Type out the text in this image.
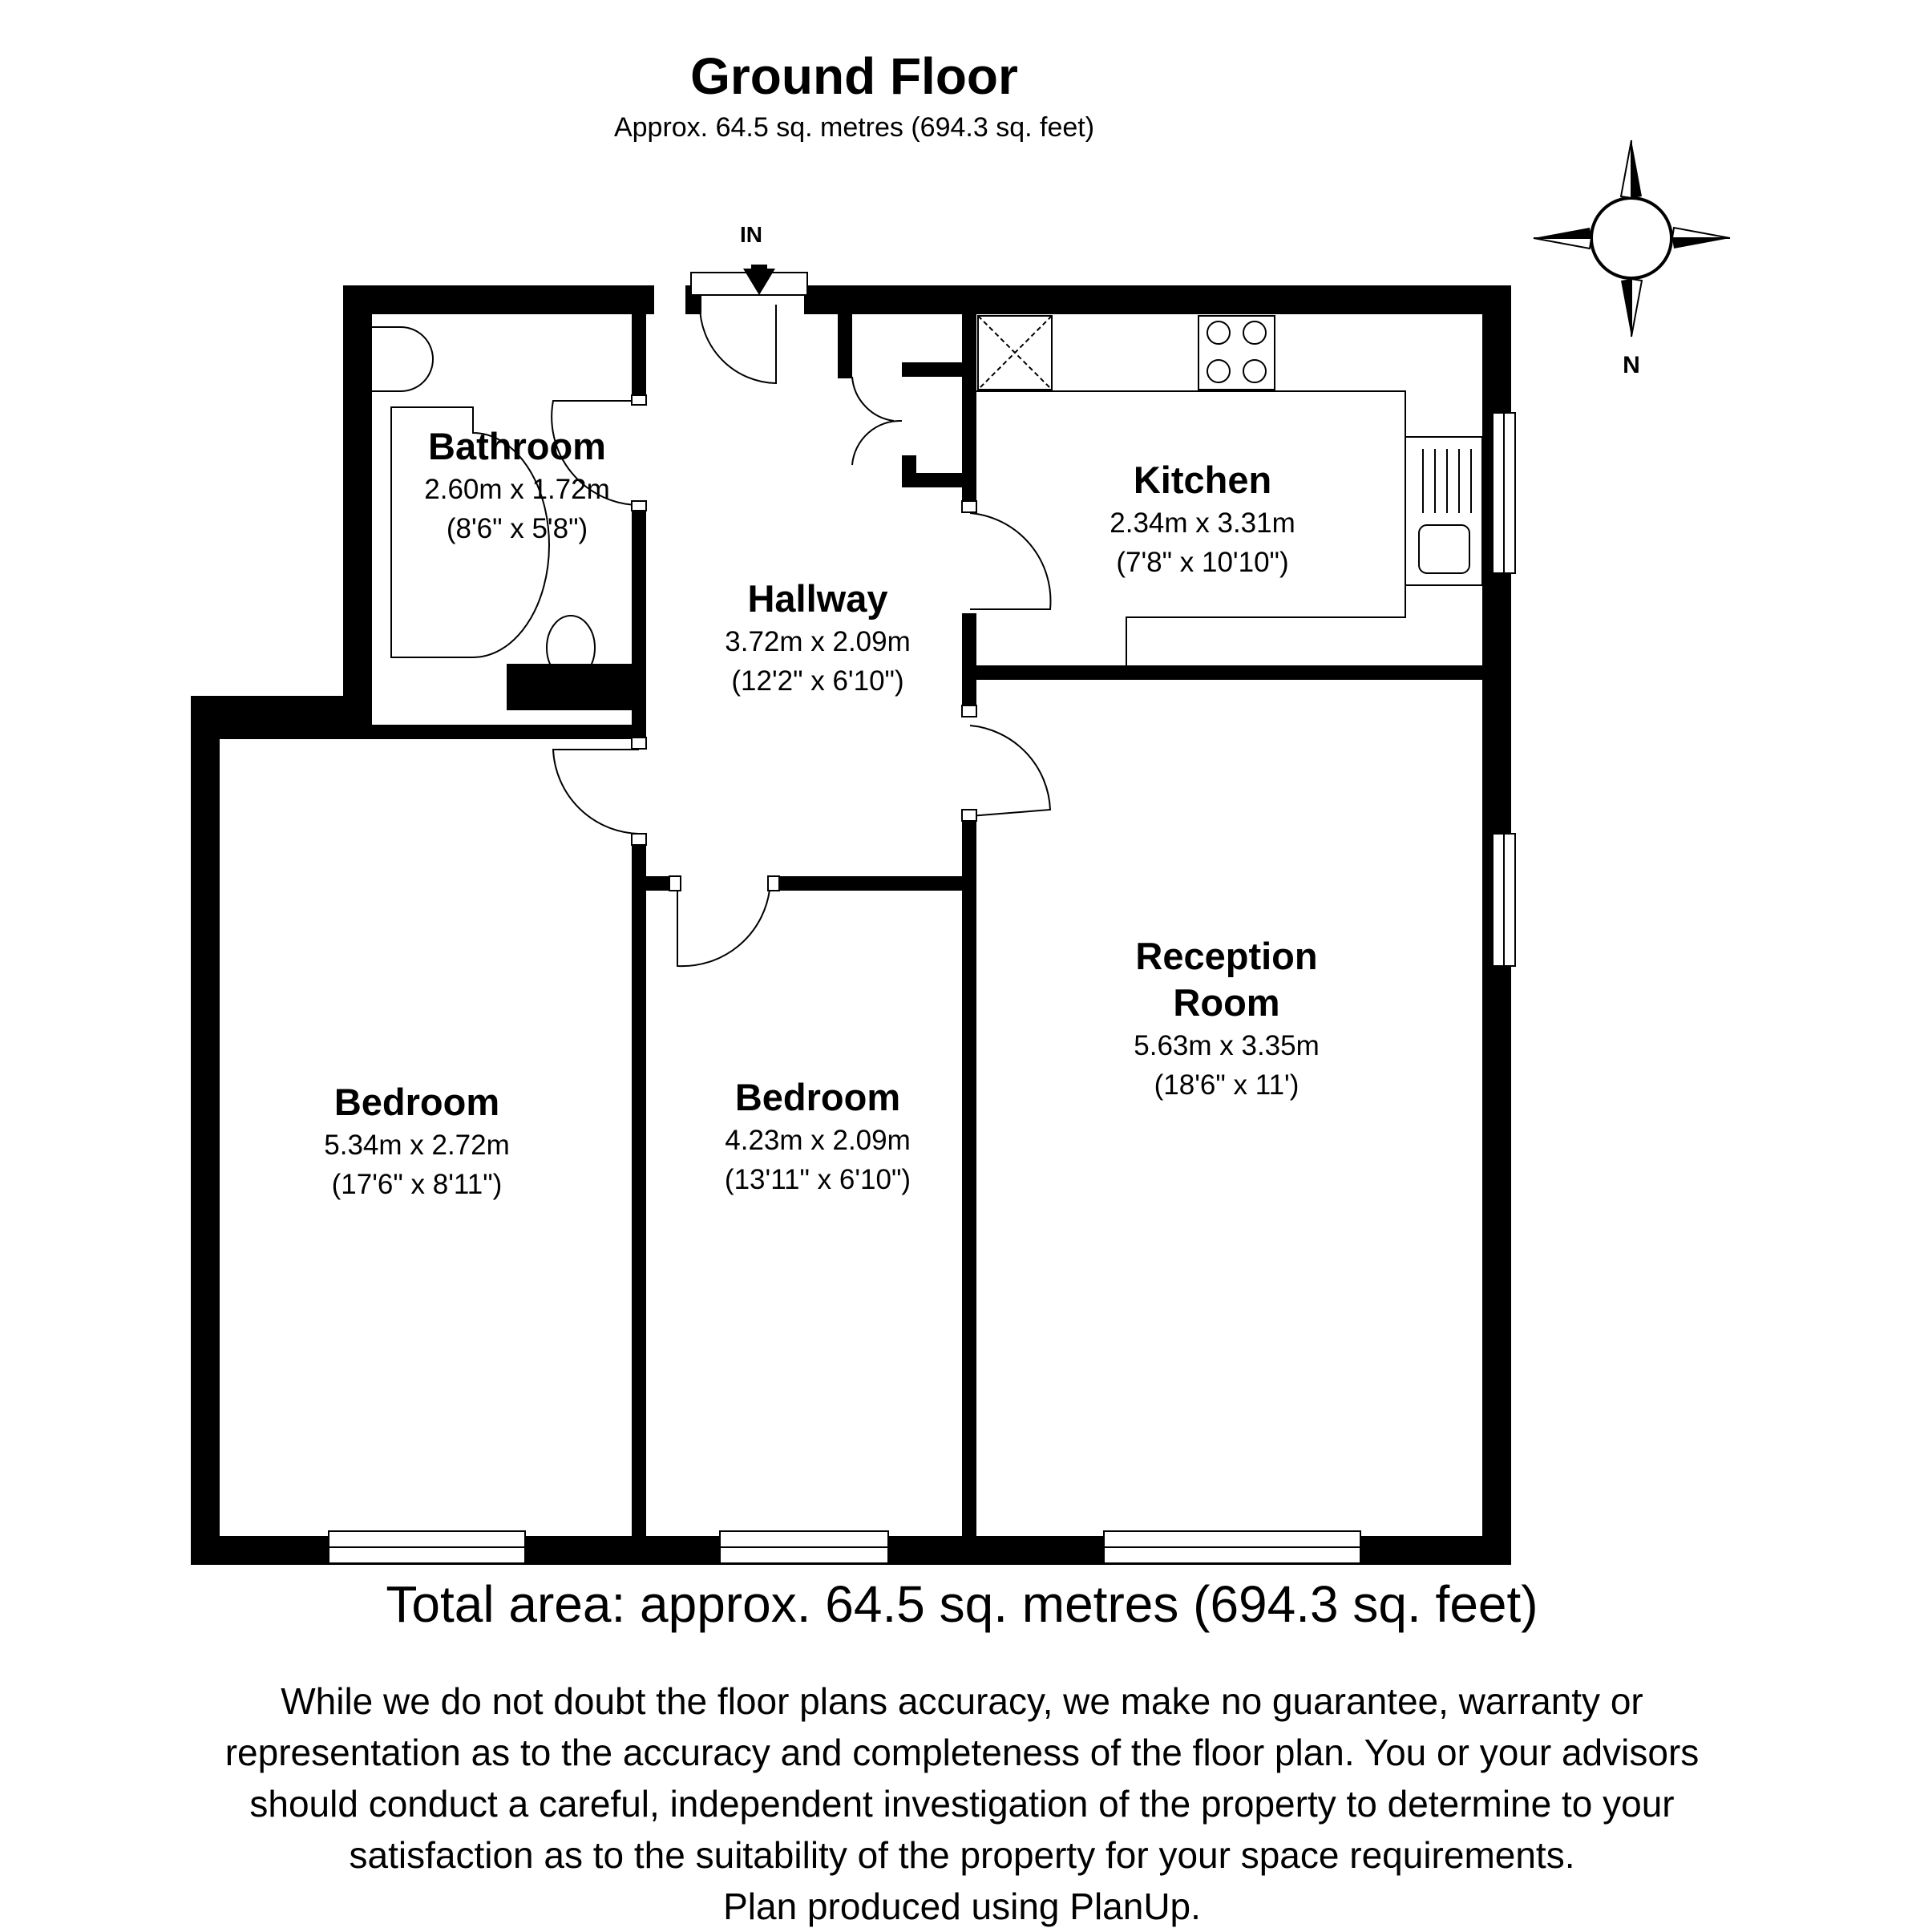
Ground Floor
Approx. 64.5 sq. metres (694.3 sq. feet)
IN
N
Bathroom
2.60m x 1.72m
(8'6" x 5'8")
Kitchen
2.34m x 3.31m
(7'8" x 10'10")
Hallway
3.72m x 2.09m
(12'2" x 6'10")
Reception Room
5.63m x 3.35m
(18'6" x 11')
Bedroom
5.34m x 2.72m
(17'6" x 8'11")
Bedroom
4.23m x 2.09m
(13'11" x 6'10")
Total area: approx. 64.5 sq. metres (694.3 sq. feet)
While we do not doubt the floor plans accuracy, we make no guarantee, warranty or
representation as to the accuracy and completeness of the floor plan. You or your advisors
should conduct a careful, independent investigation of the property to determine to your
satisfaction as to the suitability of the property for your space requirements.
Plan produced using PlanUp.
